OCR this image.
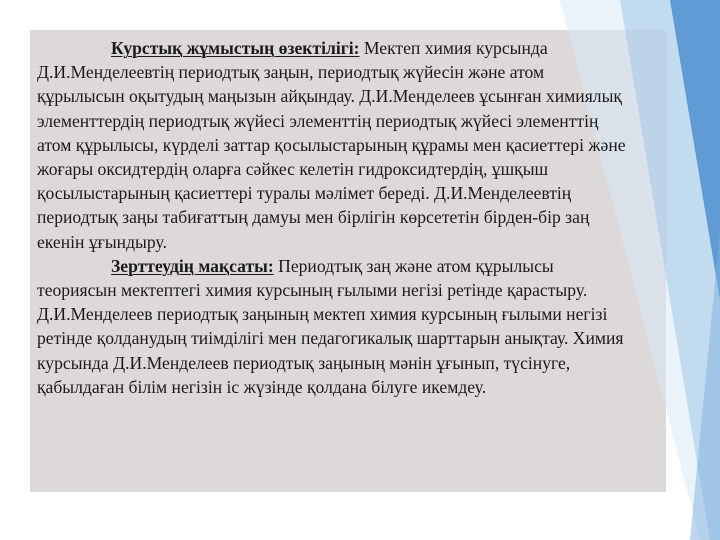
Курстық жұмыстың өзектілігі: Мектеп химия курсында Д.И.Менделеевтің периодтық заңын, периодтық жүйесін және атом құрылысын оқытудың маңызын айқындау. Д.И.Менделеев ұсынған химиялық элементтердің периодтық жүйесі элементтің периодтық жүйесі элементтің атом құрылысы, күрделі заттар қосылыстарының құрамы мен қасиеттері және жоғары оксидтердің оларға сәйкес келетін гидроксидтердің, ұшқыш қосылыстарының қасиеттері туралы мәлімет береді. Д.И.Менделеевтің периодтық заңы табиғаттың дамуы мен бірлігін көрсететін бірден-бір заң екенін ұғындыру.

Зерттеудің мақсаты: Периодтық заң және атом құрылысы теориясын мектептегі химия курсының ғылыми негізі ретінде қарастыру. Д.И.Менделеев периодтық заңының мектеп химия курсының ғылыми негізі ретінде қолданудың тиімділігі мен педагогикалық шарттарын анықтау. Химия курсында Д.И.Менделеев периодтық заңының мәнін ұғынып, түсінуге, қабылдаған білім негізін іс жүзінде қолдана білуге икемдеу.
